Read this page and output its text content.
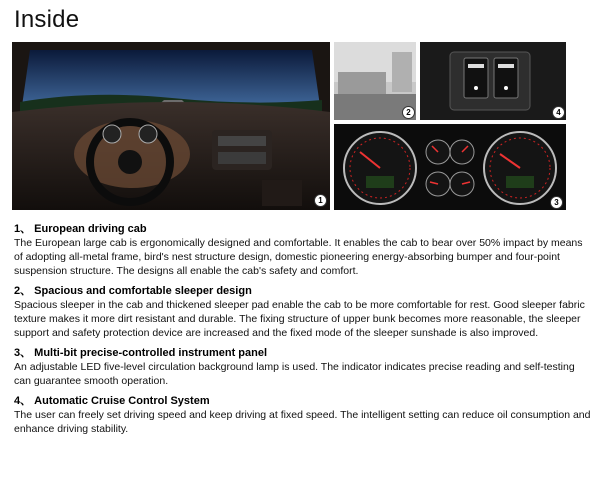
Inside
1
2	4
3
1、 European driving cab
The European large cab is ergonomically designed and comfortable. It enables the cab to bear over 50% impact by means of adopting all-metal frame, bird's nest structure design, domestic pioneering energy-absorbing bumper and four-point suspension structure. The designs all enable the cab's safety and comfort.
2、 Spacious and comfortable sleeper design
Spacious sleeper in the cab and thickened sleeper pad enable the cab to be more comfortable for rest. Good sleeper fabric texture makes it more dirt resistant and durable. The fixing structure of upper bunk becomes more reasonable, the sleeper support and safety protection device are increased and the fixed mode of the sleeper sunshade is also improved.
3、 Multi-bit precise-controlled instrument panel
An adjustable LED five-level circulation background lamp is used. The indicator indicates precise reading and self-testing can guarantee smooth operation.
4、 Automatic Cruise Control System
The user can freely set driving speed and keep driving at fixed speed. The intelligent setting can reduce oil consumption and enhance driving stability.
